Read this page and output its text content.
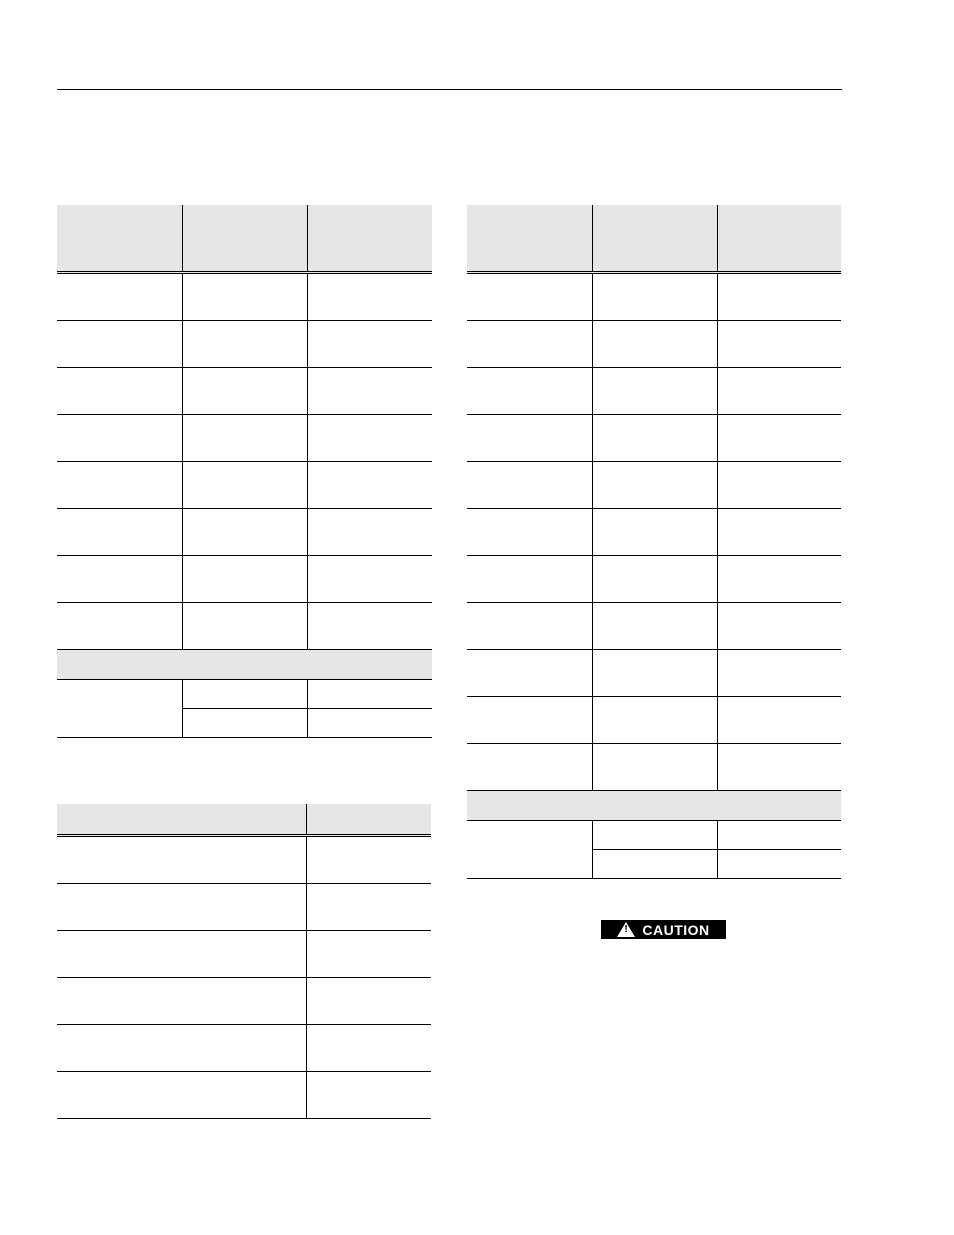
! CAUTION
